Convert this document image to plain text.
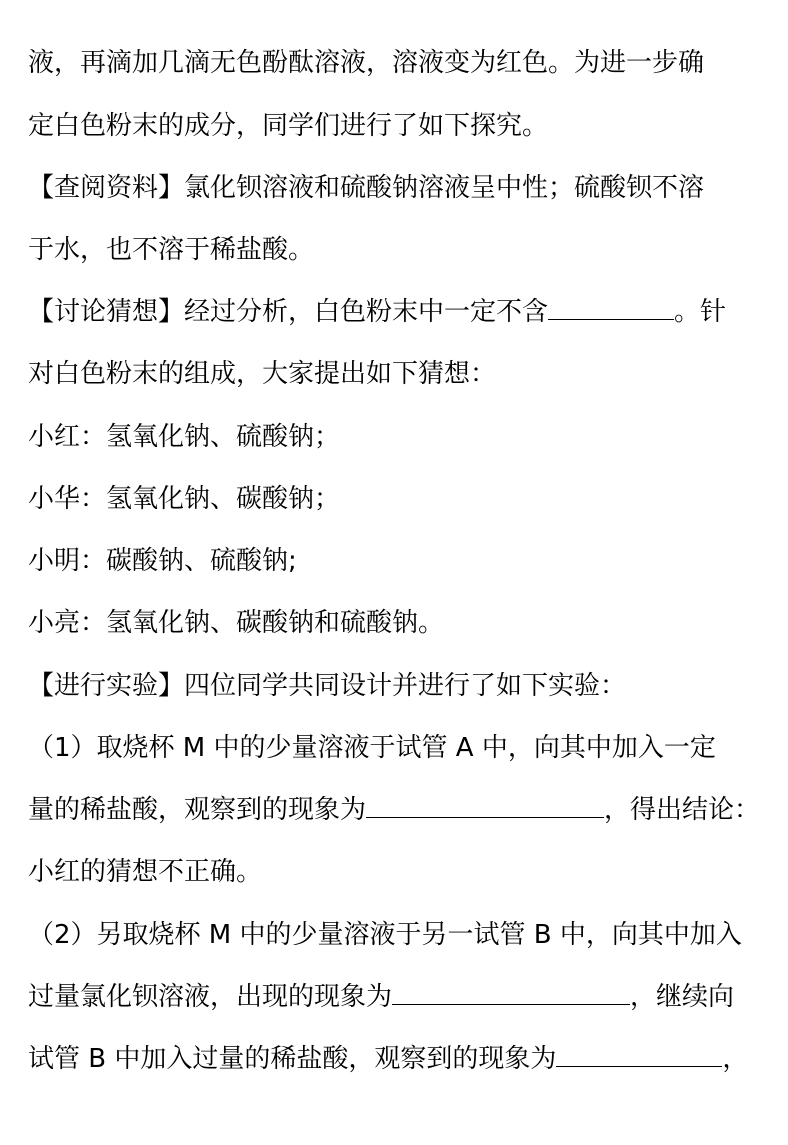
液，再滴加几滴无色酚酞溶液，溶液变为红色。为进一步确
定白色粉末的成分，同学们进行了如下探究。
【查阅资料】氯化钡溶液和硫酸钠溶液呈中性；硫酸钡不溶
于水，也不溶于稀盐酸。
【讨论猜想】经过分析，白色粉末中一定不含	。针
对白色粉末的组成，大家提出如下猜想：
小红：氢氧化钠、硫酸钠；
小华：氢氧化钠、碳酸钠；
小明：碳酸钠、硫酸钠;
小亮：氢氧化钠、碳酸钠和硫酸钠。
【进行实验】四位同学共同设计并进行了如下实验：
（1）取烧杯 M 中的少量溶液于试管 A 中，向其中加入一定
量的稀盐酸，观察到的现象为	，得出结论：
小红的猜想不正确。
（2）另取烧杯 M 中的少量溶液于另一试管 B 中，向其中加入
过量氯化钡溶液，出现的现象为	，继续向
试管 B 中加入过量的稀盐酸，观察到的现象为	，
